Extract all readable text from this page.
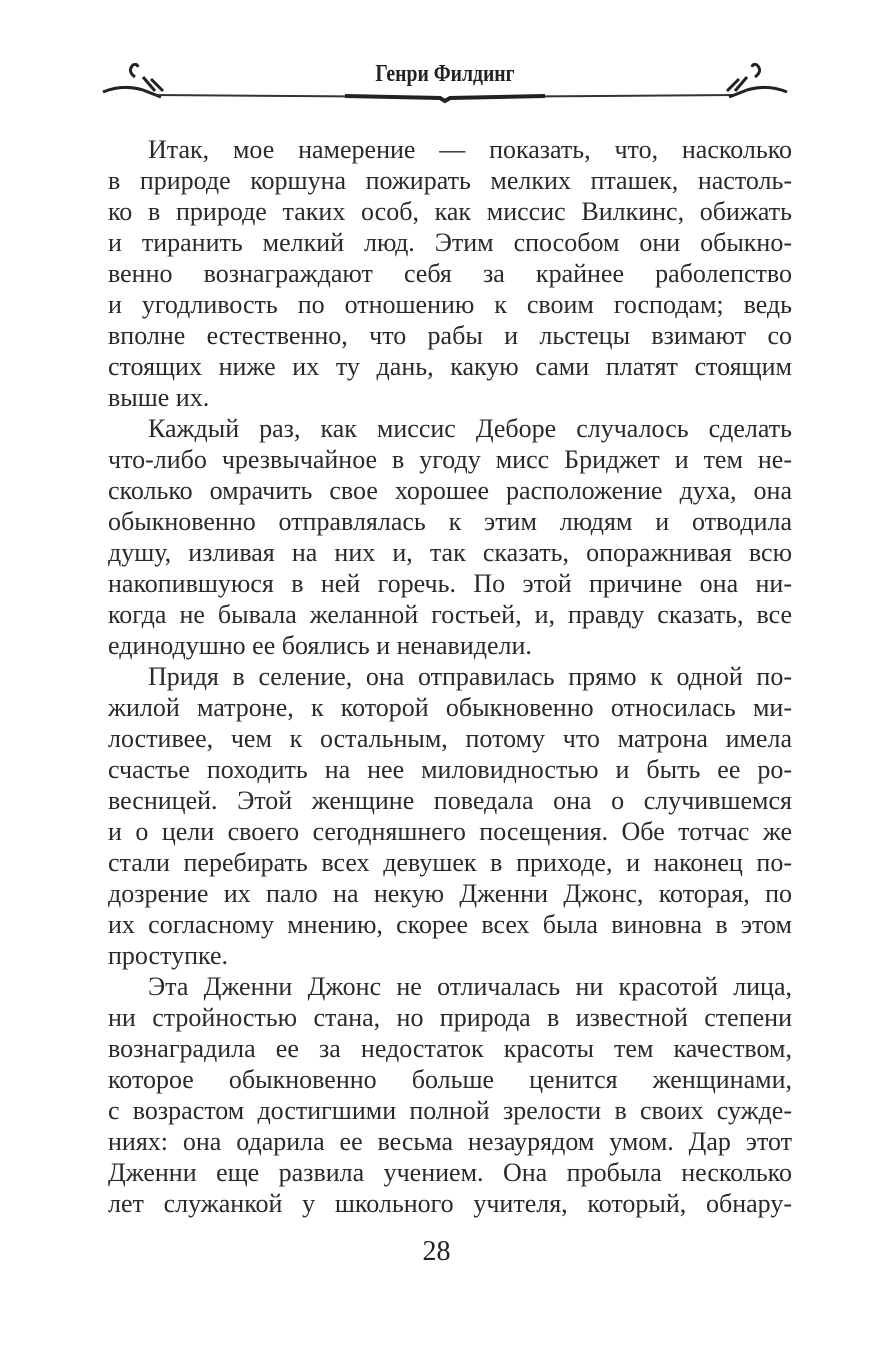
Генри Филдинг
Итак, мое намерение — показать, что, насколько
в природе коршуна пожирать мелких пташек, настоль-
ко в природе таких особ, как миссис Вилкинс, обижать
и тиранить мелкий люд. Этим способом они обыкно-
венно вознаграждают себя за крайнее раболепство
и угодливость по отношению к своим господам; ведь
вполне естественно, что рабы и льстецы взимают со
стоящих ниже их ту дань, какую сами платят стоящим
выше их.
Каждый раз, как миссис Деборе случалось сделать
что-либо чрезвычайное в угоду мисс Бриджет и тем не-
сколько омрачить свое хорошее расположение духа, она
обыкновенно отправлялась к этим людям и отводила
душу, изливая на них и, так сказать, опоражнивая всю
накопившуюся в ней горечь. По этой причине она ни-
когда не бывала желанной гостьей, и, правду сказать, все
единодушно ее боялись и ненавидели.
Придя в селение, она отправилась прямо к одной по-
жилой матроне, к которой обыкновенно относилась ми-
лостивее, чем к остальным, потому что матрона имела
счастье походить на нее миловидностью и быть ее ро-
весницей. Этой женщине поведала она о случившемся
и о цели своего сегодняшнего посещения. Обе тотчас же
стали перебирать всех девушек в приходе, и наконец по-
дозрение их пало на некую Дженни Джонс, которая, по
их согласному мнению, скорее всех была виновна в этом
проступке.
Эта Дженни Джонс не отличалась ни красотой лица,
ни стройностью стана, но природа в известной степени
вознаградила ее за недостаток красоты тем качеством,
которое обыкновенно больше ценится женщинами,
с возрастом достигшими полной зрелости в своих сужде-
ниях: она одарила ее весьма незаурядом умом. Дар этот
Дженни еще развила учением. Она пробыла несколько
лет служанкой у школьного учителя, который, обнару-
28
